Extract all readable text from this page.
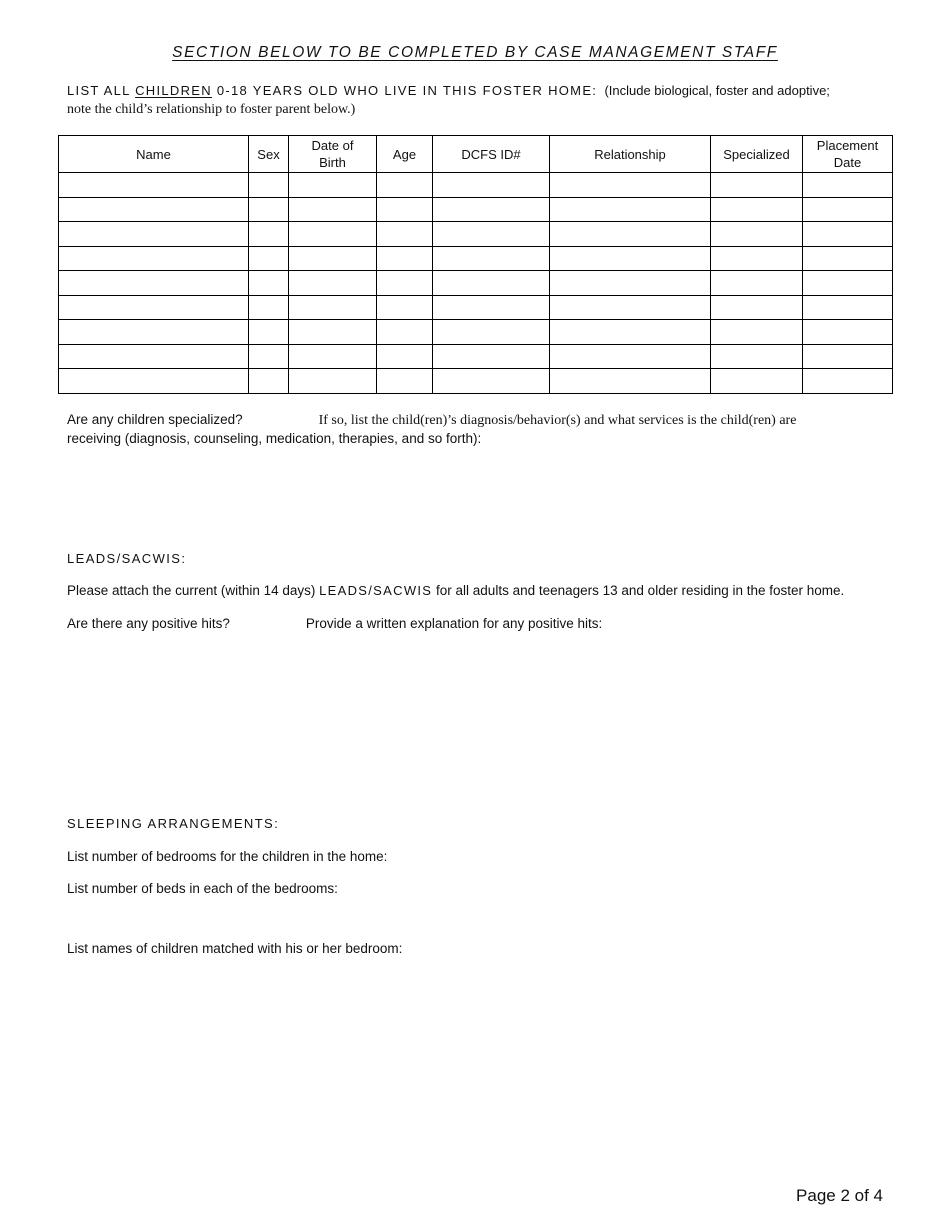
SECTION BELOW TO BE COMPLETED BY CASE MANAGEMENT STAFF
LIST ALL CHILDREN 0-18 YEARS OLD WHO LIVE IN THIS FOSTER HOME: (Include biological, foster and adoptive;
note the child’s relationship to foster parent below.)
Name	Sex	Date of Birth	Age	DCFS ID#	Relationship	Specialized	Placement Date

Are any children specialized?	If so, list the child(ren)’s diagnosis/behavior(s) and what services is the child(ren) are
receiving (diagnosis, counseling, medication, therapies, and so forth):
LEADS/SACWIS:
Please attach the current (within 14 days) LEADS/SACWIS for all adults and teenagers 13 and older residing in the foster home.
Are there any positive hits?	Provide a written explanation for any positive hits:
SLEEPING ARRANGEMENTS:
List number of bedrooms for the children in the home:
List number of beds in each of the bedrooms:
List names of children matched with his or her bedroom:
Page 2 of 4
